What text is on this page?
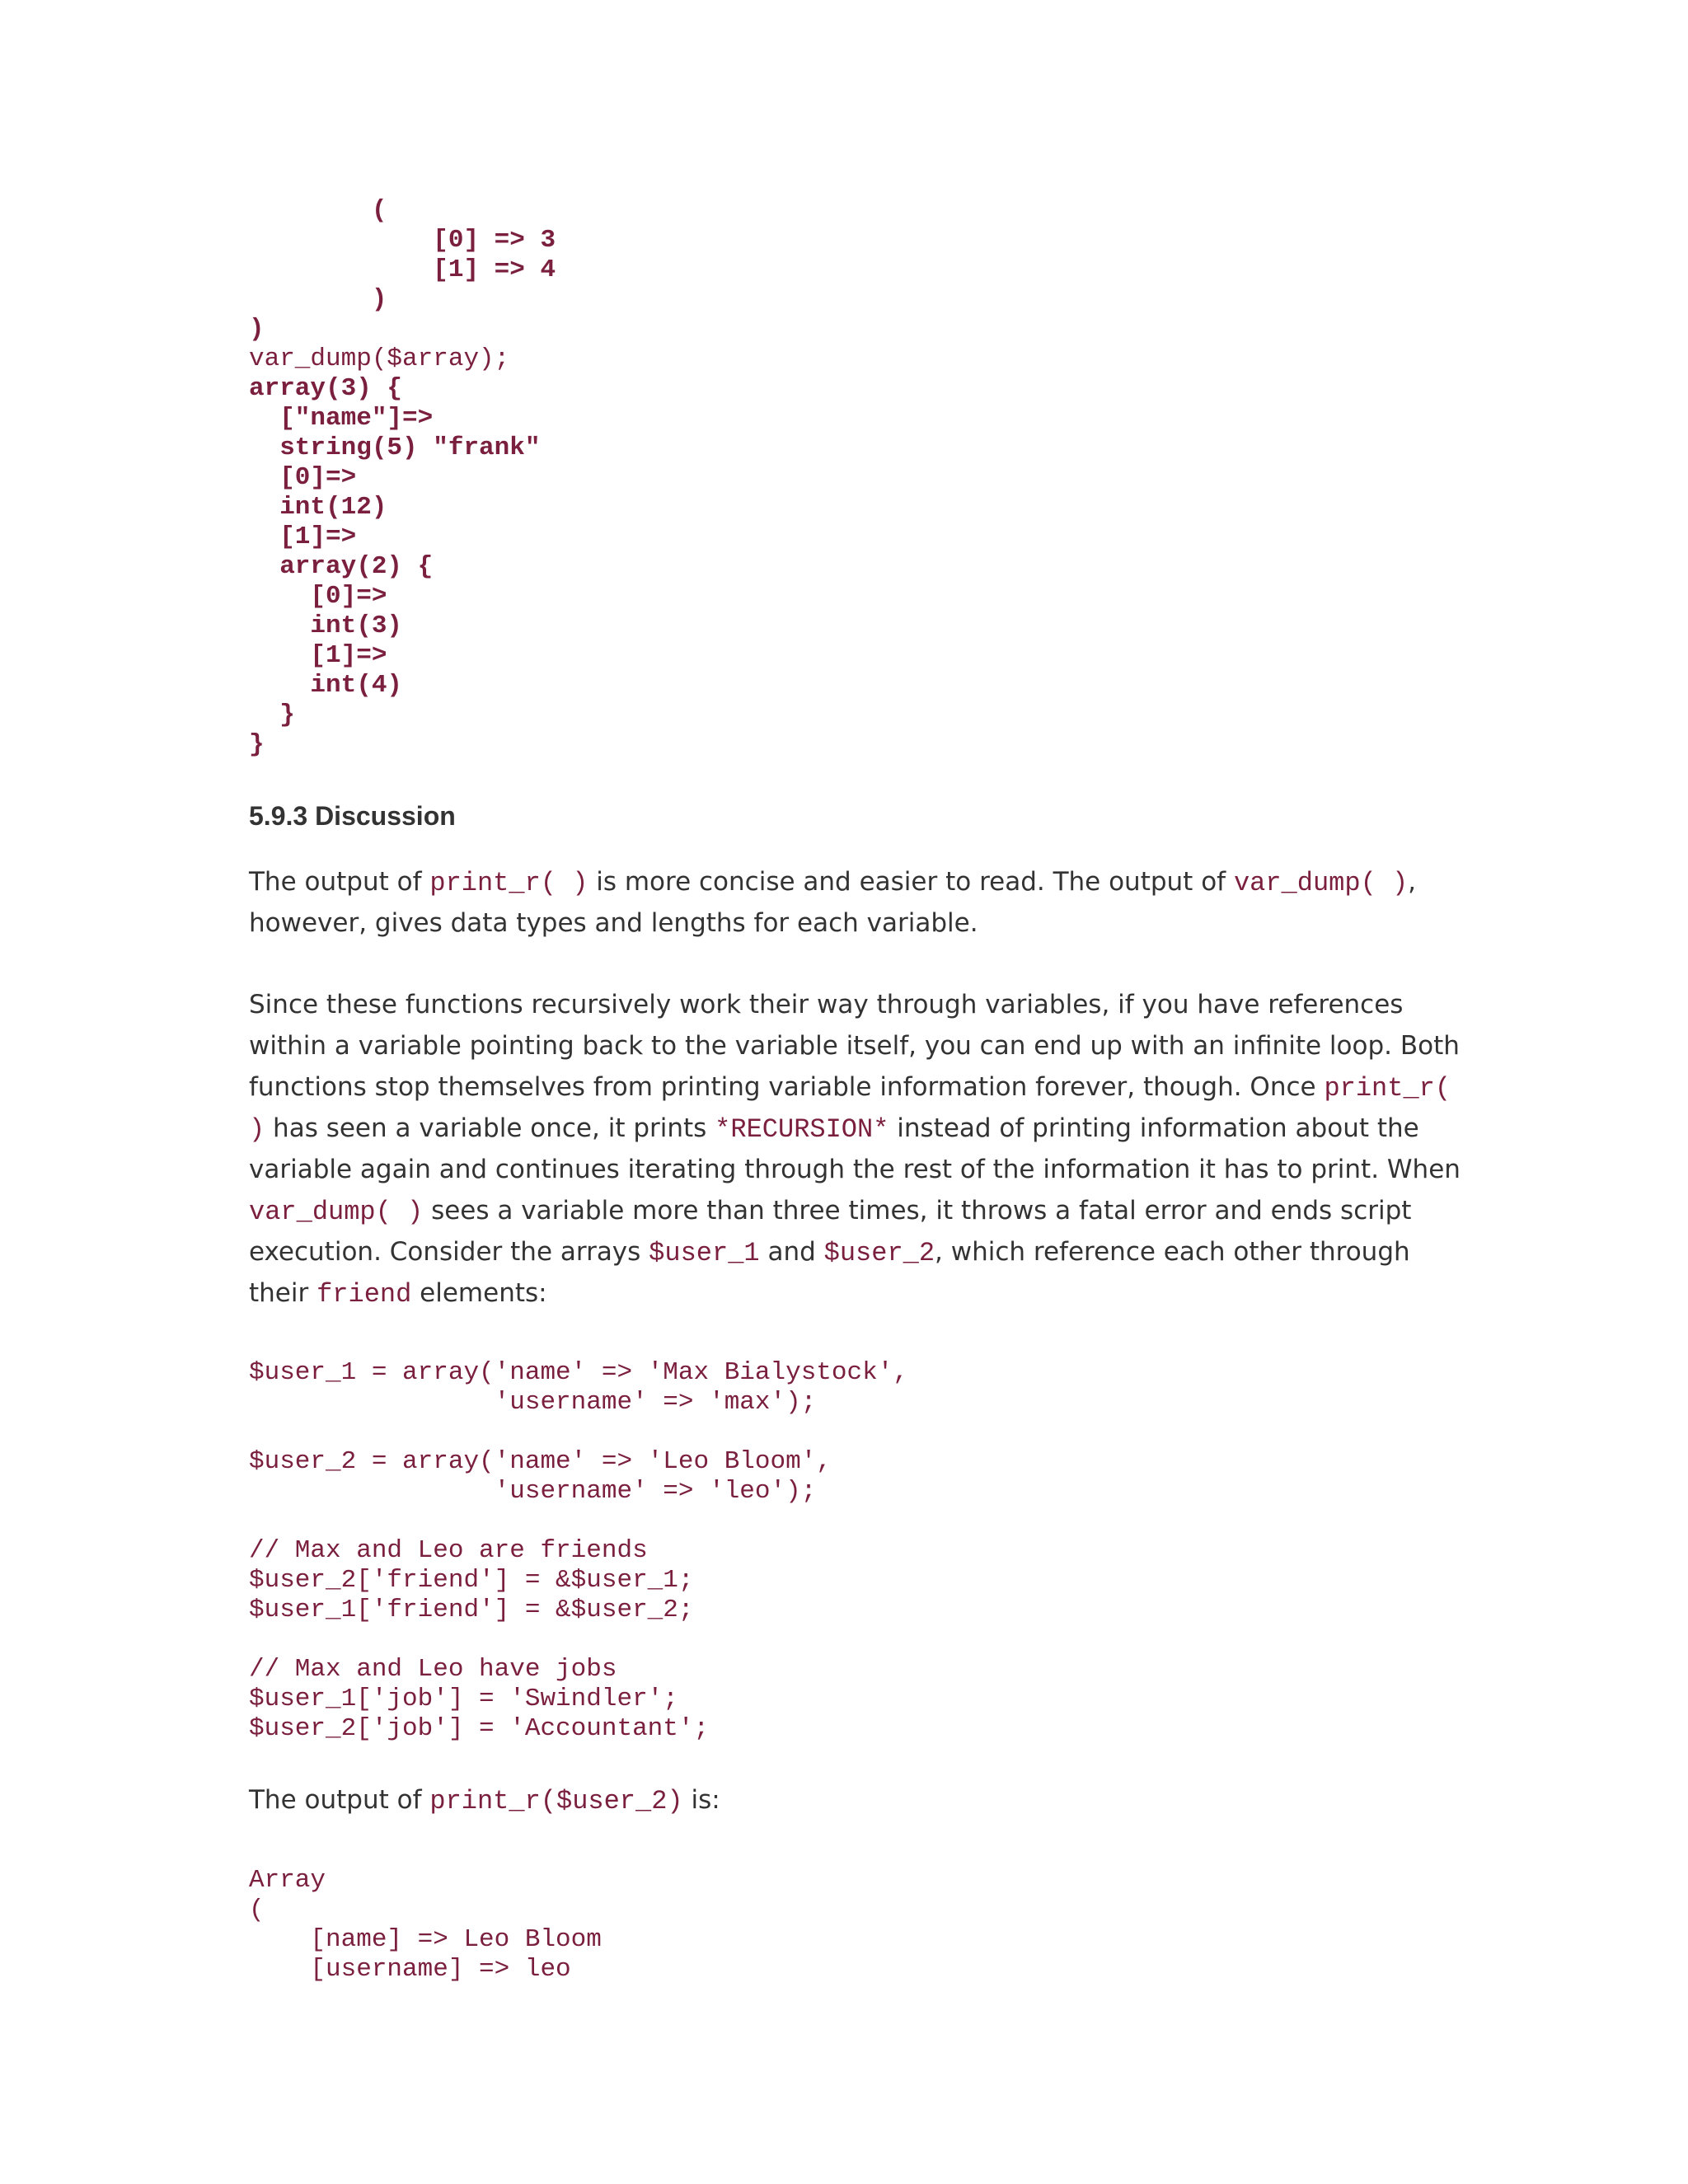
(

[0] => 3

[1] => 4

)

)

var_dump($array);

array(3) {

["name"]=>

string(5) "frank"

[0]=>

int(12)

[1]=>

array(2) {

[0]=>

int(3)

[1]=>

int(4)

}

}

5.9.3 Discussion
The output of print_r( ) is more concise and easier to read. The output of var_dump( ),
however, gives data types and lengths for each variable.
Since these functions recursively work their way through variables, if you have references
within a variable pointing back to the variable itself, you can end up with an infinite loop. Both
functions stop themselves from printing variable information forever, though. Once print_r(
) has seen a variable once, it prints *RECURSION* instead of printing information about the
variable again and continues iterating through the rest of the information it has to print. When
var_dump( ) sees a variable more than three times, it throws a fatal error and ends script
execution. Consider the arrays $user_1 and $user_2, which reference each other through
their friend elements:

$user_1 = array('name' => 'Max Bialystock',

'username' => 'max');

$user_2 = array('name' => 'Leo Bloom',

'username' => 'leo');

// Max and Leo are friends

$user_2['friend'] = &$user_1;

$user_1['friend'] = &$user_2;

// Max and Leo have jobs

$user_1['job'] = 'Swindler';

$user_2['job'] = 'Accountant';

The output of print_r($user_2) is:

Array

(

[name] => Leo Bloom

[username] => leo
